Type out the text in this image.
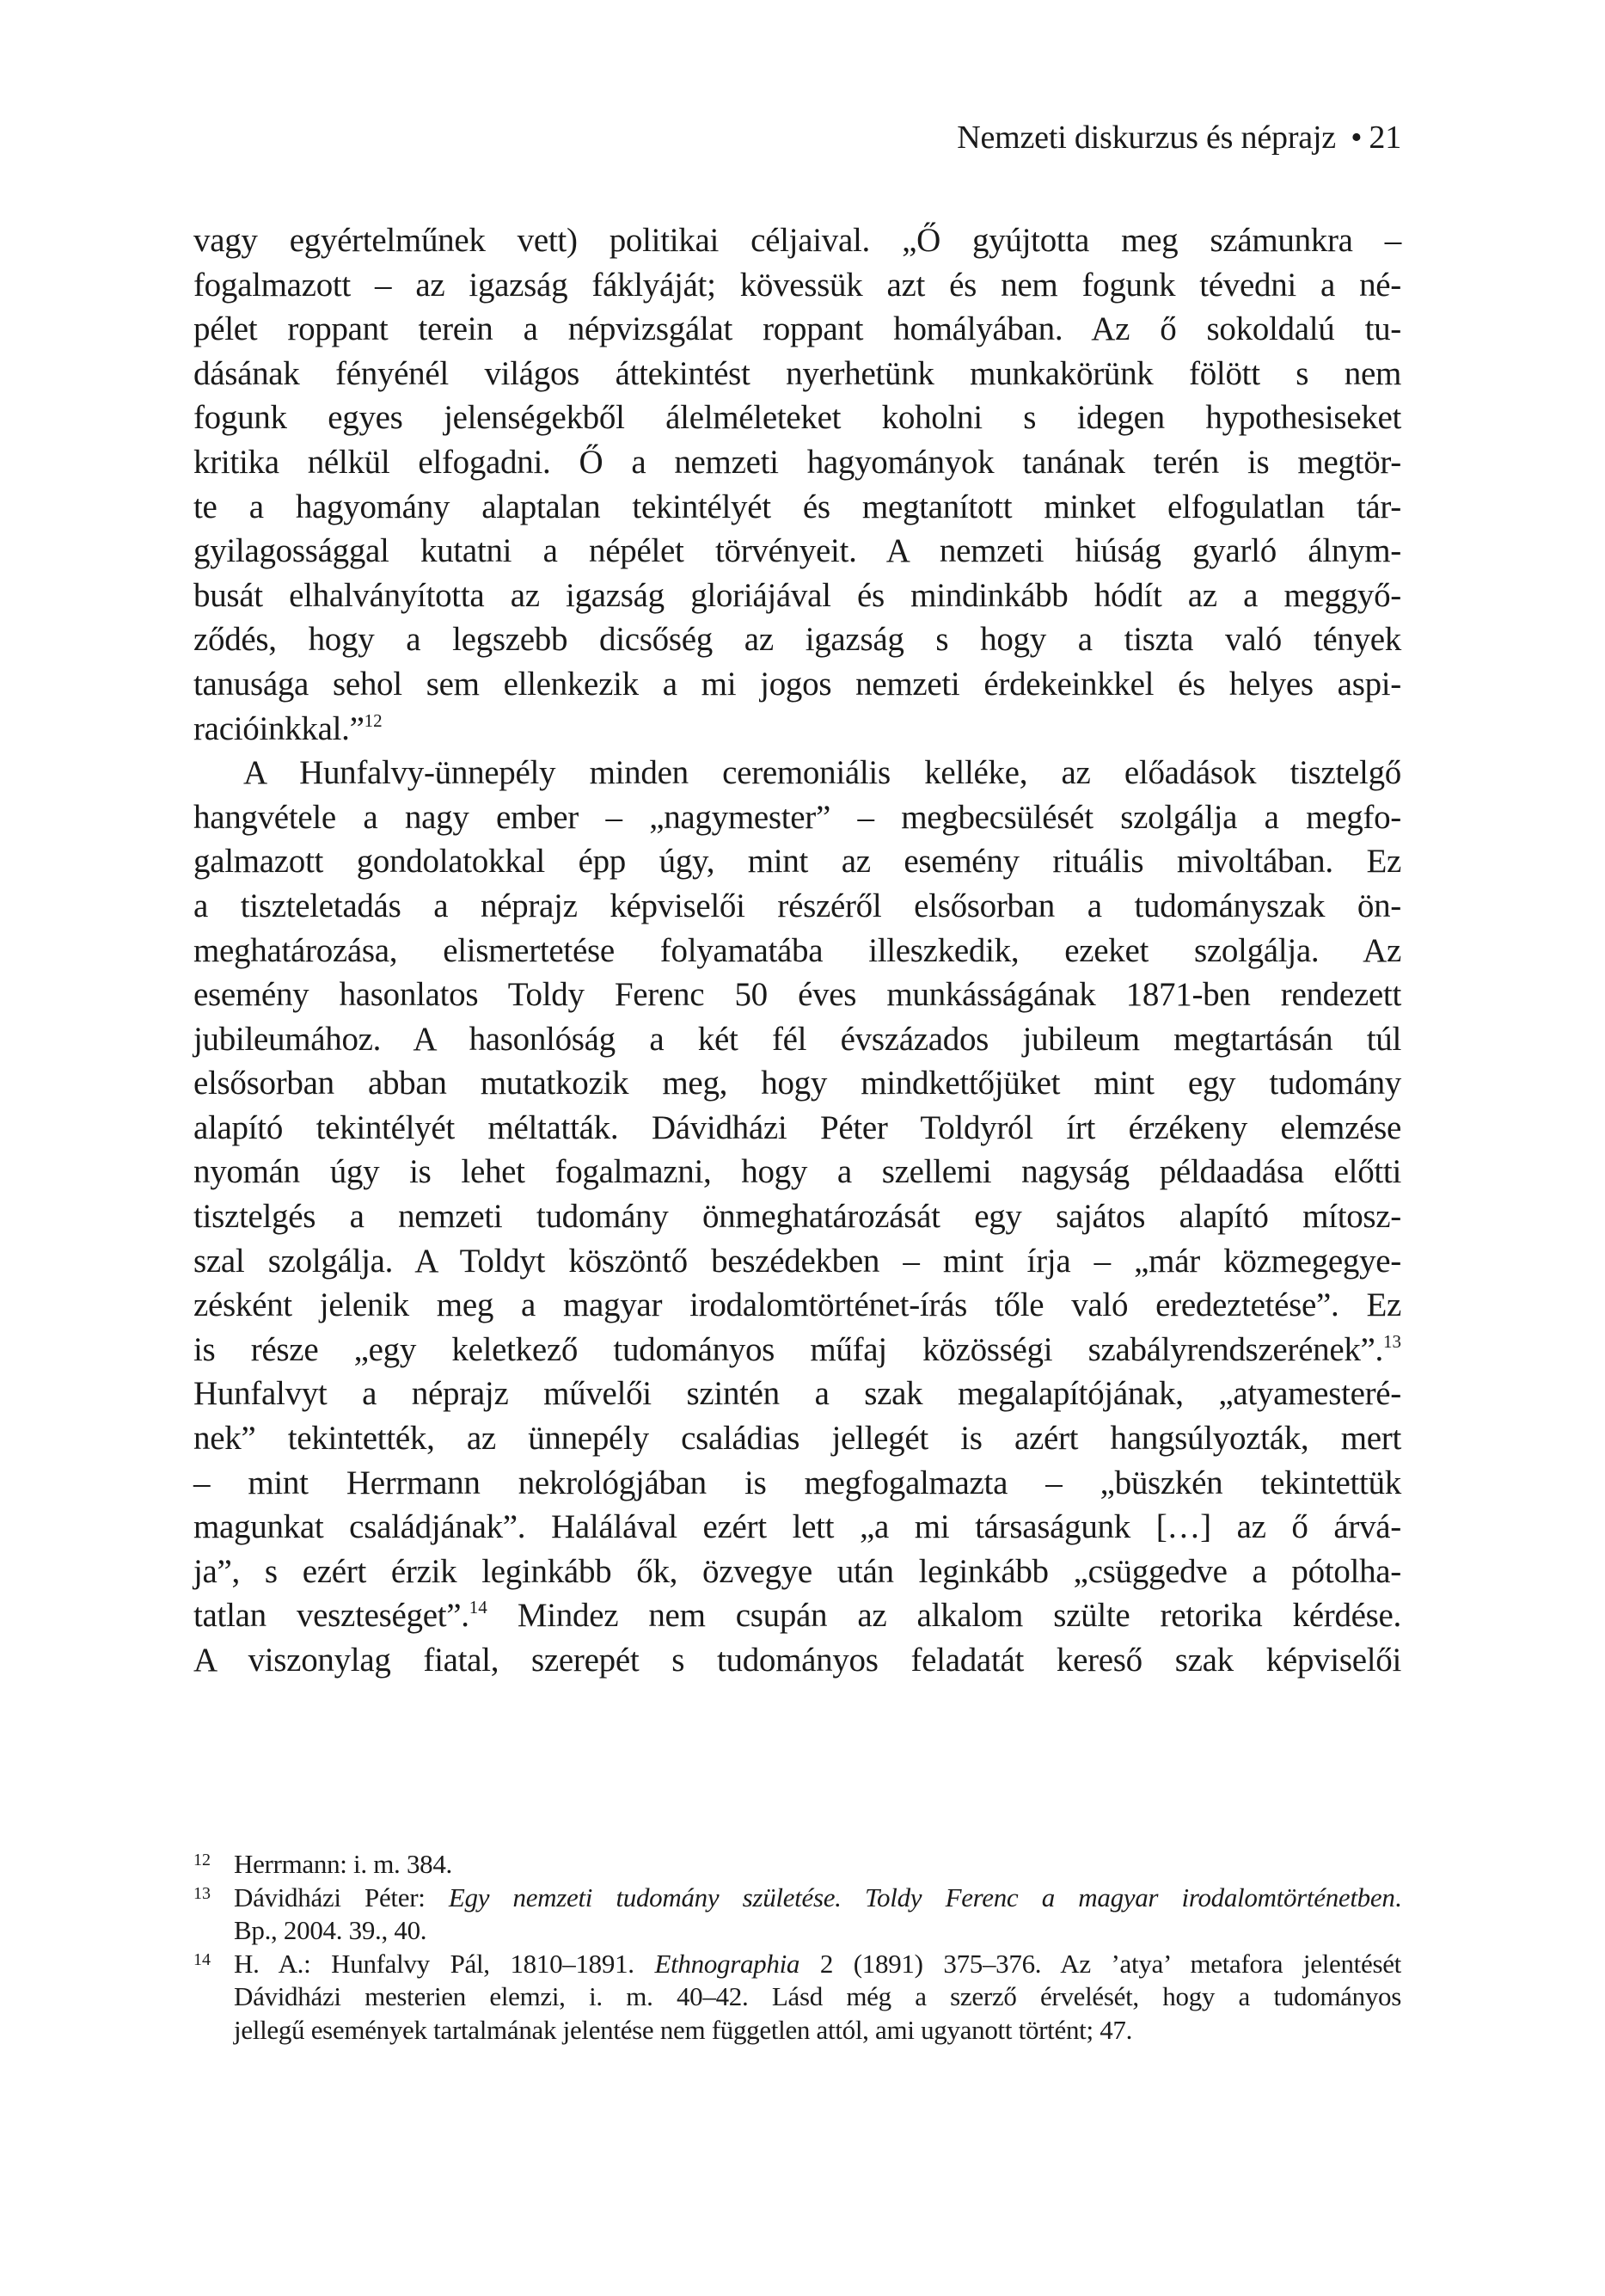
Nemzeti diskurzus és néprajz • 21
vagy egyértelműnek vett) politikai céljaival. „Ő gyújtotta meg számunkra –
fogalmazott – az igazság fáklyáját; kövessük azt és nem fogunk tévedni a né-
pélet roppant terein a népvizsgálat roppant homályában. Az ő sokoldalú tu-
dásának fényénél világos áttekintést nyerhetünk munkakörünk fölött s nem
fogunk egyes jelenségekből álelméleteket koholni s idegen hypothesiseket
kritika nélkül elfogadni. Ő a nemzeti hagyományok tanának terén is megtör-
te a hagyomány alaptalan tekintélyét és megtanított minket elfogulatlan tár-
gyilagossággal kutatni a népélet törvényeit. A nemzeti hiúság gyarló álnym-
busát elhalványította az igazság gloriájával és mindinkább hódít az a meggyő-
ződés, hogy a legszebb dicsőség az igazság s hogy a tiszta való tények
tanusága sehol sem ellenkezik a mi jogos nemzeti érdekeinkkel és helyes aspi-
racióinkkal.”$^{12}$
A Hunfalvy-ünnepély minden ceremoniális kelléke, az előadások tisztelgő
hangvétele a nagy ember – „nagymester” – megbecsülését szolgálja a megfo-
galmazott gondolatokkal épp úgy, mint az esemény rituális mivoltában. Ez
a tiszteletadás a néprajz képviselői részéről elsősorban a tudományszak ön-
meghatározása, elismertetése folyamatába illeszkedik, ezeket szolgálja. Az
esemény hasonlatos Toldy Ferenc 50 éves munkásságának 1871-ben rendezett
jubileumához. A hasonlóság a két fél évszázados jubileum megtartásán túl
elsősorban abban mutatkozik meg, hogy mindkettőjüket mint egy tudomány
alapító tekintélyét méltatták. Dávidházi Péter Toldyról írt érzékeny elemzése
nyomán úgy is lehet fogalmazni, hogy a szellemi nagyság példaadása előtti
tisztelgés a nemzeti tudomány önmeghatározását egy sajátos alapító mítosz-
szal szolgálja. A Toldyt köszöntő beszédekben – mint írja – „már közmegegye-
zésként jelenik meg a magyar irodalomtörténet-írás tőle való eredeztetése”. Ez
is része „egy keletkező tudományos műfaj közösségi szabályrendszerének”.$^{13}$
Hunfalvyt a néprajz művelői szintén a szak megalapítójának, „atyamesteré-
nek” tekintették, az ünnepély családias jellegét is azért hangsúlyozták, mert
– mint Herrmann nekrológjában is megfogalmazta – „büszkén tekintettük
magunkat családjának”. Halálával ezért lett „a mi társaságunk […] az ő árvá-
ja”, s ezért érzik leginkább ők, özvegye után leginkább „csüggedve a pótolha-
tatlan veszteséget”.$^{14}$ Mindez nem csupán az alkalom szülte retorika kérdése.
A viszonylag fiatal, szerepét s tudományos feladatát kereső szak képviselői
12 Herrmann: i. m. 384.
13 Dávidházi Péter: Egy nemzeti tudomány születése. Toldy Ferenc a magyar irodalomtörténetben.
Bp., 2004. 39., 40.
14 H. A.: Hunfalvy Pál, 1810–1891. Ethnographia 2 (1891) 375–376. Az ’atya’ metafora jelentését
Dávidházi mesterien elemzi, i. m. 40–42. Lásd még a szerző érvelését, hogy a tudományos
jellegű események tartalmának jelentése nem független attól, ami ugyanott történt; 47.
